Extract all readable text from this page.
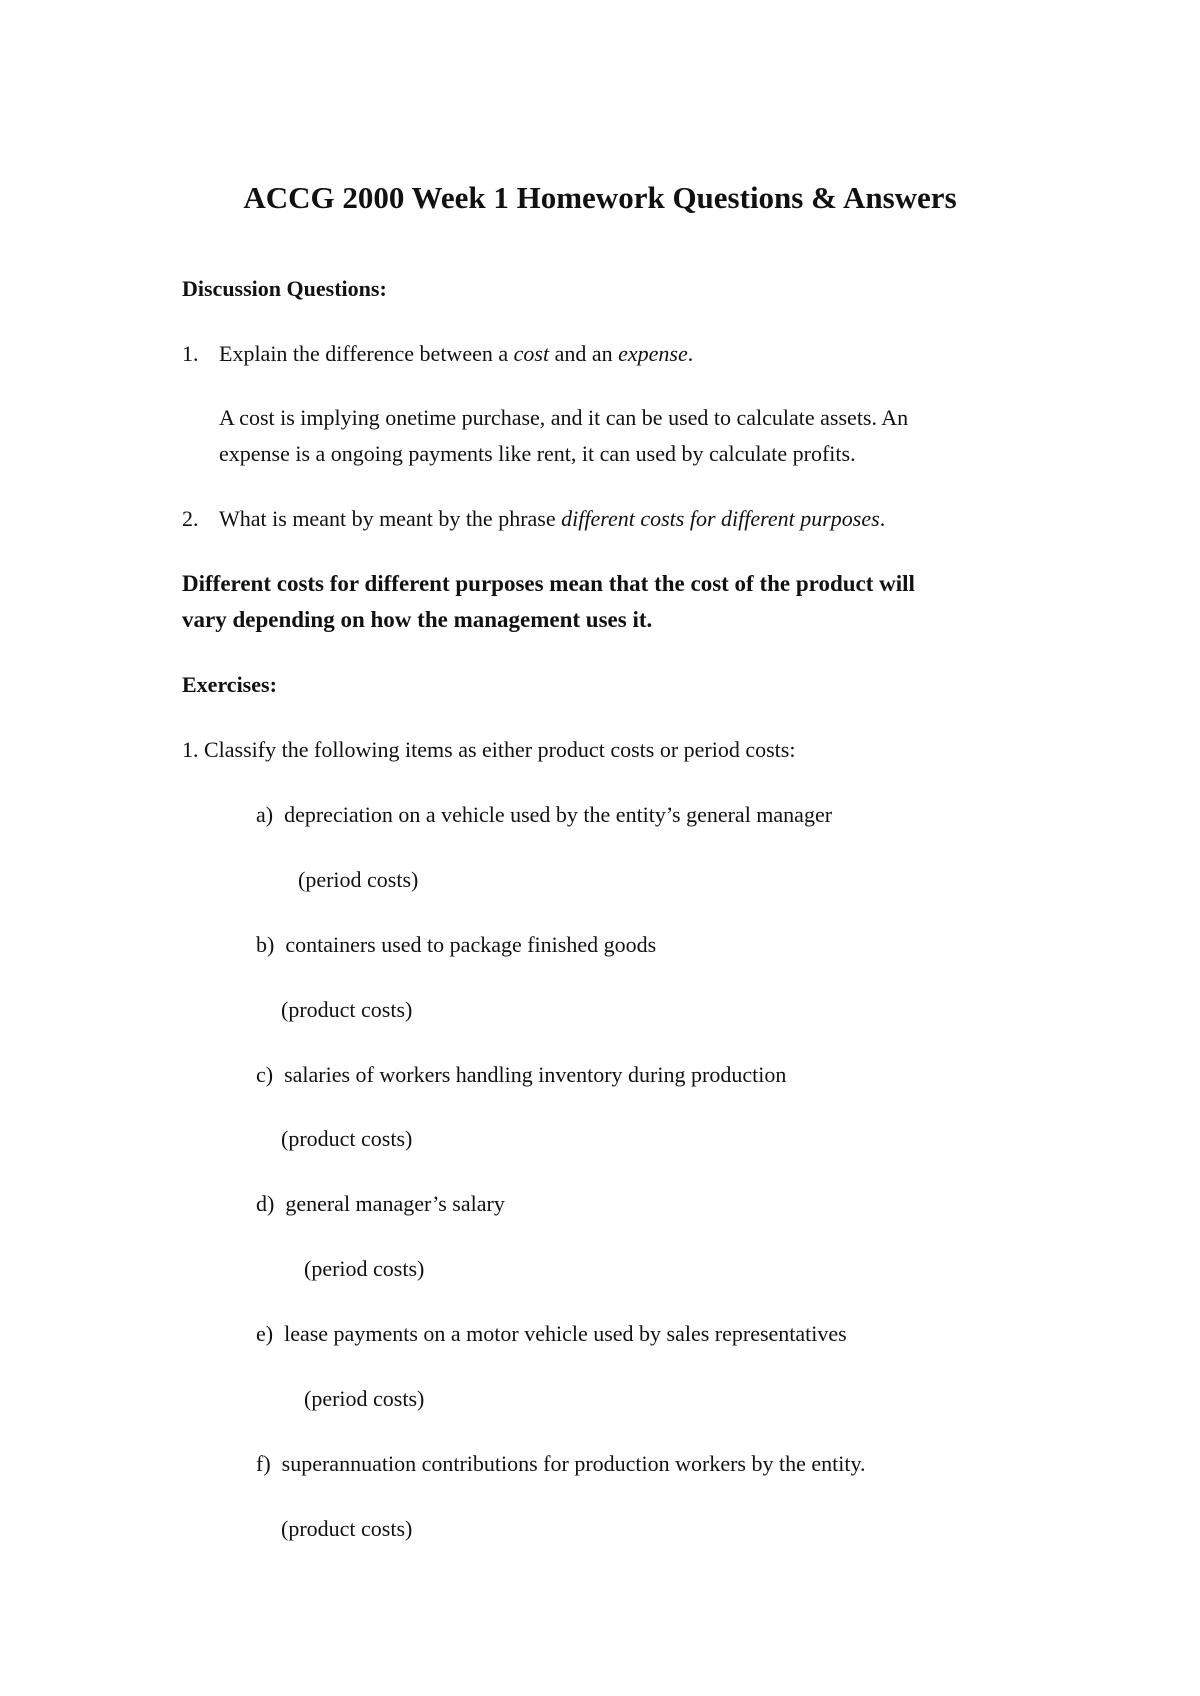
ACCG 2000 Week 1 Homework Questions & Answers
Discussion Questions:
1. Explain the difference between a cost and an expense.
A cost is implying onetime purchase, and it can be used to calculate assets. An
expense is a ongoing payments like rent, it can used by calculate profits.
2. What is meant by meant by the phrase different costs for different purposes.
Different costs for different purposes mean that the cost of the product will
vary depending on how the management uses it.
Exercises:
1. Classify the following items as either product costs or period costs:
a) depreciation on a vehicle used by the entity’s general manager
(period costs)
b) containers used to package finished goods
(product costs)
c) salaries of workers handling inventory during production
(product costs)
d) general manager’s salary
(period costs)
e) lease payments on a motor vehicle used by sales representatives
(period costs)
f) superannuation contributions for production workers by the entity.
(product costs)
